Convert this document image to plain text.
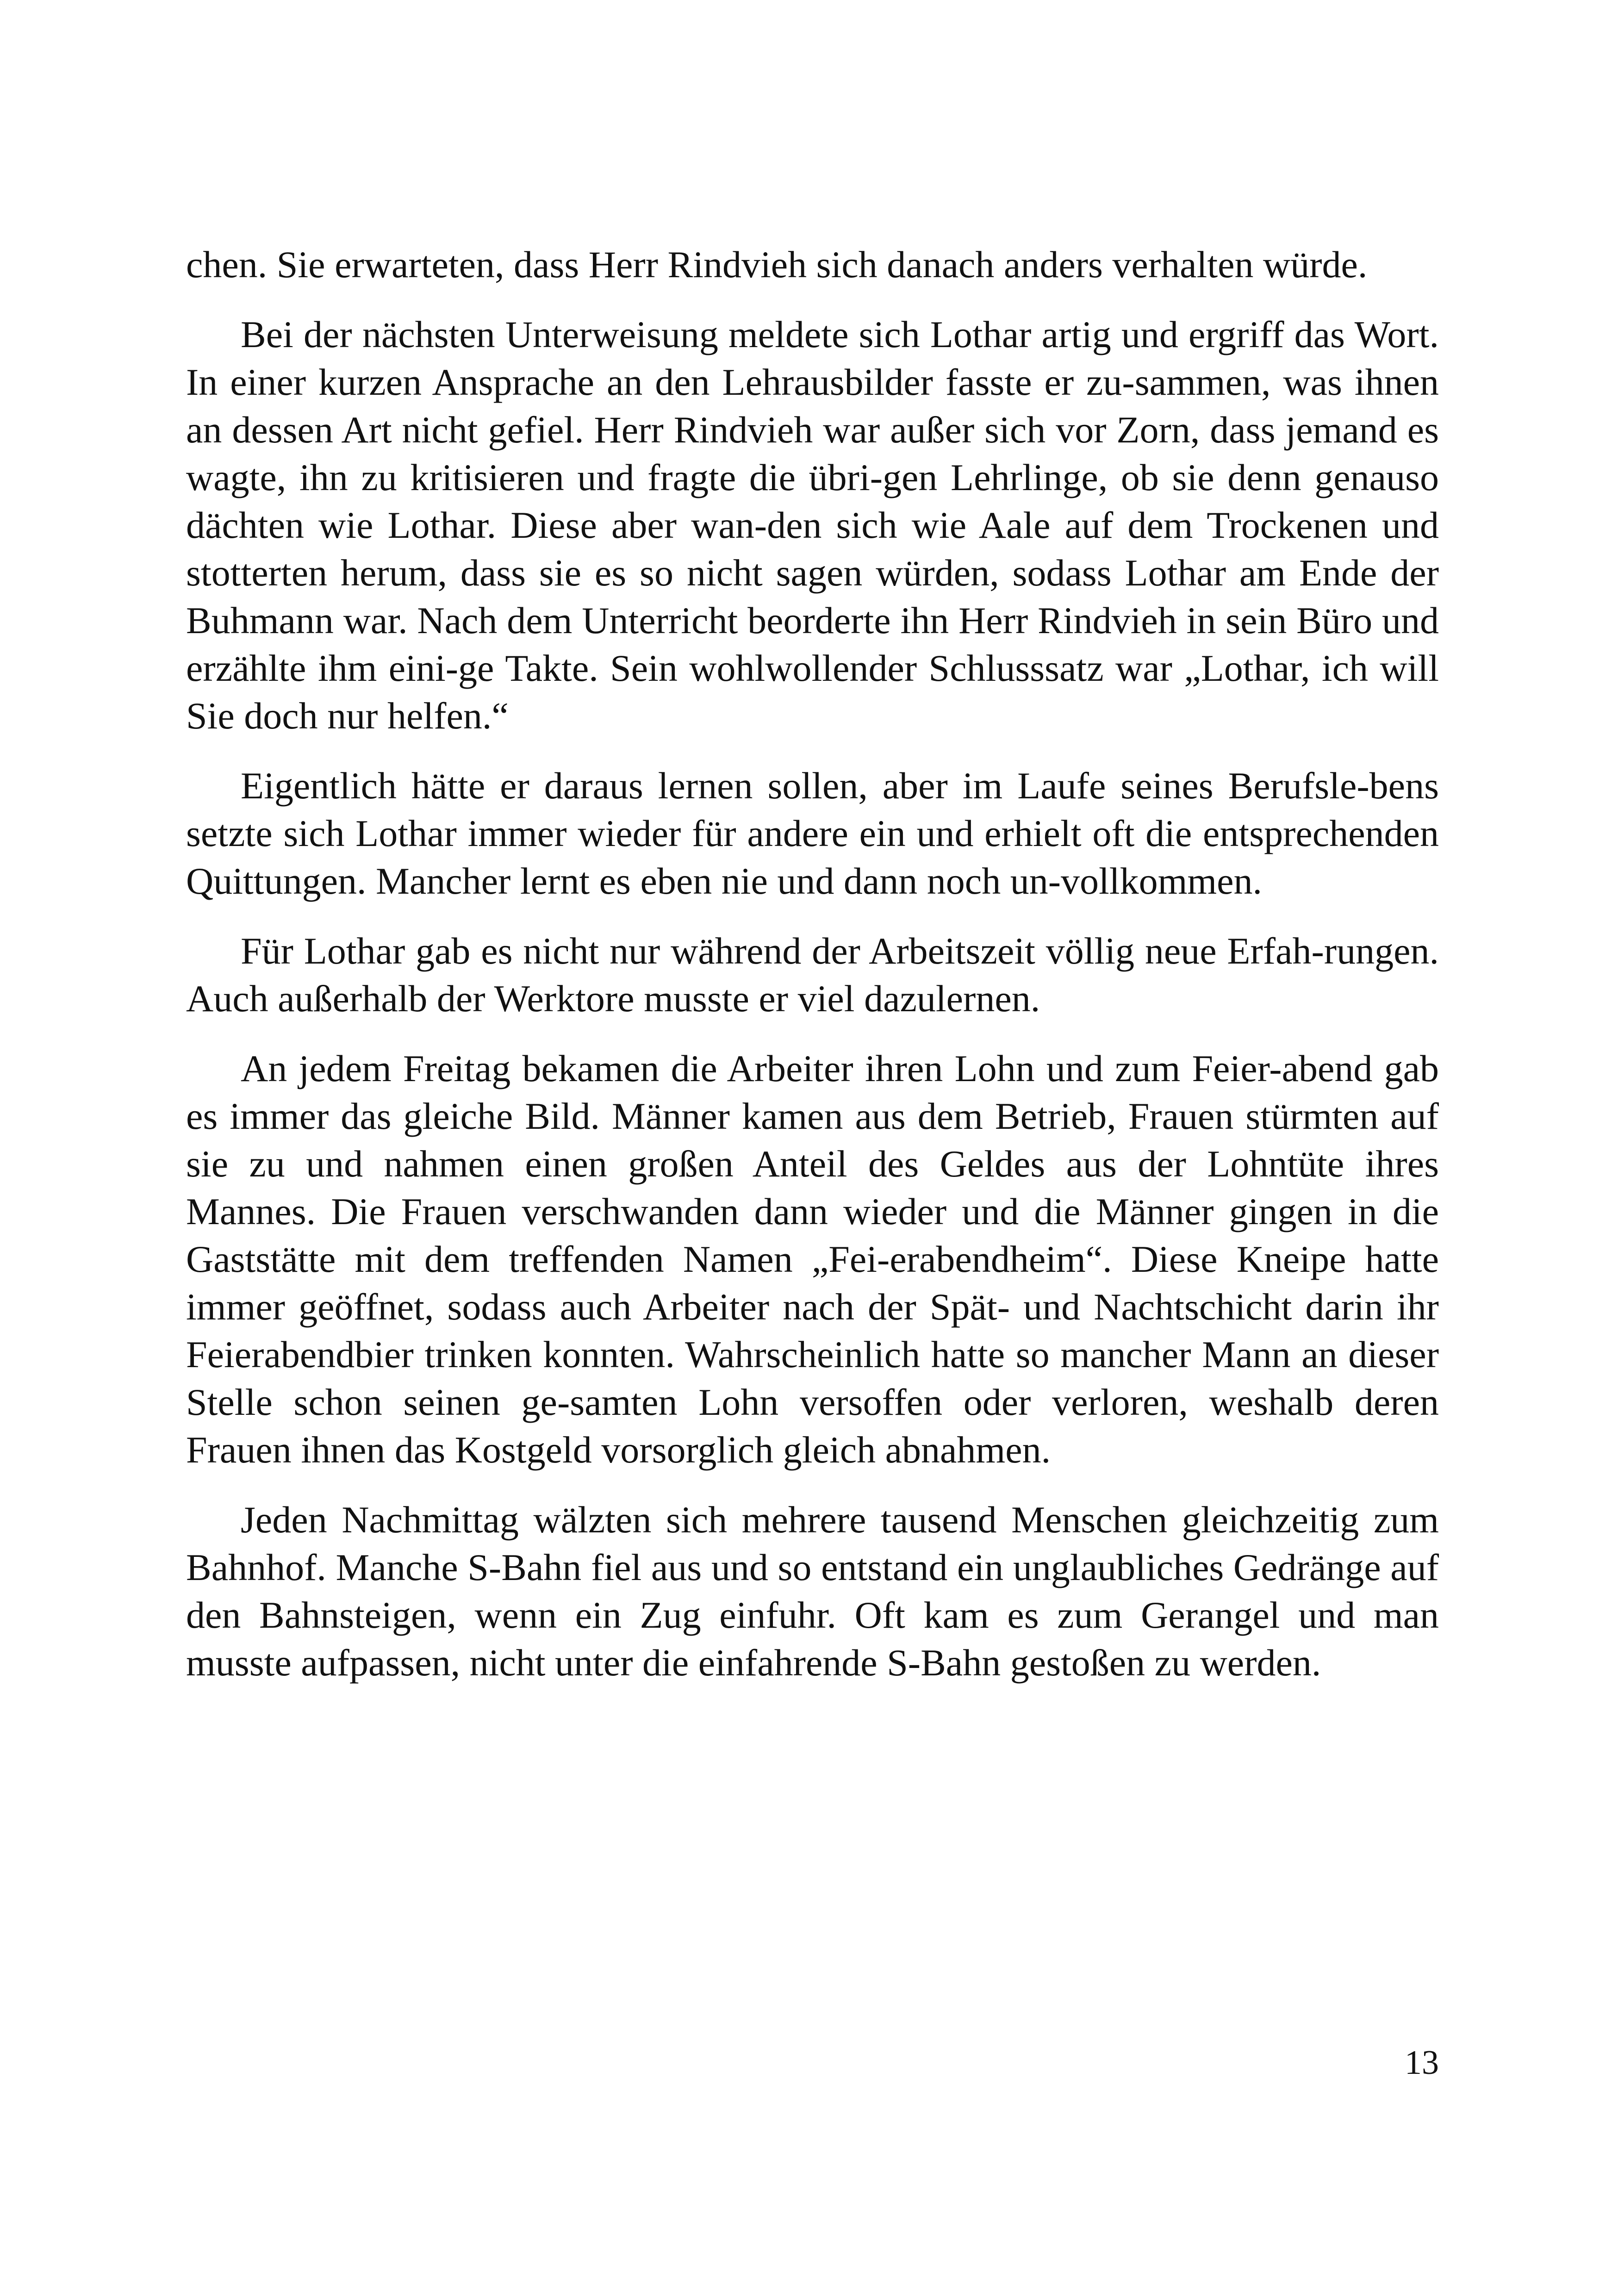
chen. Sie erwarteten, dass Herr Rindvieh sich danach anders verhalten würde.

Bei der nächsten Unterweisung meldete sich Lothar artig und ergriff das Wort. In einer kurzen Ansprache an den Lehrausbilder fasste er zu-sammen, was ihnen an dessen Art nicht gefiel. Herr Rindvieh war außer sich vor Zorn, dass jemand es wagte, ihn zu kritisieren und fragte die übri-gen Lehrlinge, ob sie denn genauso dächten wie Lothar. Diese aber wan-den sich wie Aale auf dem Trockenen und stotterten herum, dass sie es so nicht sagen würden, sodass Lothar am Ende der Buhmann war. Nach dem Unterricht beorderte ihn Herr Rindvieh in sein Büro und erzählte ihm eini-ge Takte. Sein wohlwollender Schlusssatz war „Lothar, ich will Sie doch nur helfen.“

Eigentlich hätte er daraus lernen sollen, aber im Laufe seines Berufsle-bens setzte sich Lothar immer wieder für andere ein und erhielt oft die entsprechenden Quittungen. Mancher lernt es eben nie und dann noch un-vollkommen.

Für Lothar gab es nicht nur während der Arbeitszeit völlig neue Erfah-rungen. Auch außerhalb der Werktore musste er viel dazulernen.

An jedem Freitag bekamen die Arbeiter ihren Lohn und zum Feier-abend gab es immer das gleiche Bild. Männer kamen aus dem Betrieb, Frauen stürmten auf sie zu und nahmen einen großen Anteil des Geldes aus der Lohntüte ihres Mannes. Die Frauen verschwanden dann wieder und die Männer gingen in die Gaststätte mit dem treffenden Namen „Fei-erabendheim“. Diese Kneipe hatte immer geöffnet, sodass auch Arbeiter nach der Spät- und Nachtschicht darin ihr Feierabendbier trinken konnten. Wahrscheinlich hatte so mancher Mann an dieser Stelle schon seinen ge-samten Lohn versoffen oder verloren, weshalb deren Frauen ihnen das Kostgeld vorsorglich gleich abnahmen.

Jeden Nachmittag wälzten sich mehrere tausend Menschen gleichzeitig zum Bahnhof. Manche S-Bahn fiel aus und so entstand ein unglaubliches Gedränge auf den Bahnsteigen, wenn ein Zug einfuhr. Oft kam es zum Gerangel und man musste aufpassen, nicht unter die einfahrende S-Bahn gestoßen zu werden.

13
